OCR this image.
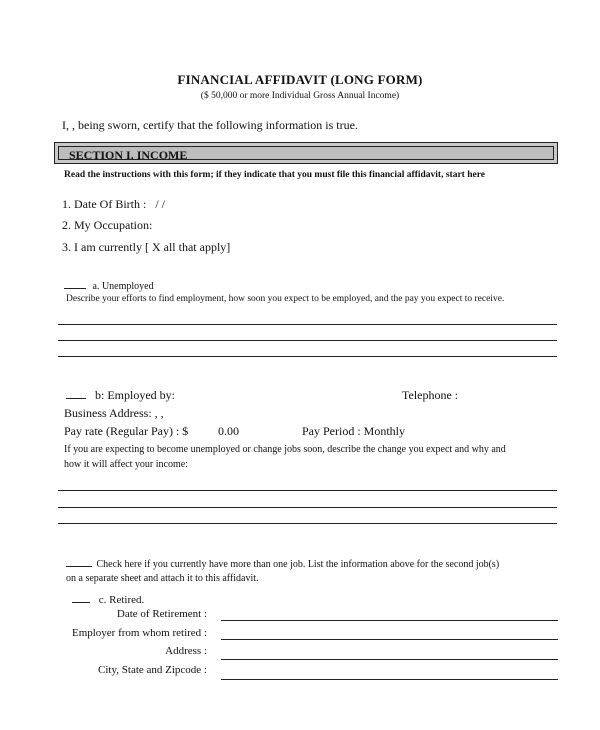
FINANCIAL AFFIDAVIT (LONG FORM)
($ 50,000 or more Individual Gross Annual Income)
I, , being sworn, certify that the following information is true.
SECTION I. INCOME
Read the instructions with this form; if they indicate that you must file this financial affidavit, start here
1. Date Of Birth : / /
2. My Occupation:
3. I am currently [ X all that apply]
a. Unemployed
Describe your efforts to find employment, how soon you expect to be employed, and the pay you expect to receive.
b: Employed by:	Telephone :
Business Address: , ,
Pay rate (Regular Pay) : $ 0.00	Pay Period : Monthly
If you are expecting to become unemployed or change jobs soon, describe the change you expect and why and
how it will affect your income:
Check here if you currently have more than one job. List the information above for the second job(s)
on a separate sheet and attach it to this affidavit.
c. Retired.
Date of Retirement :
Employer from whom retired :
Address :
City, State and Zipcode :
